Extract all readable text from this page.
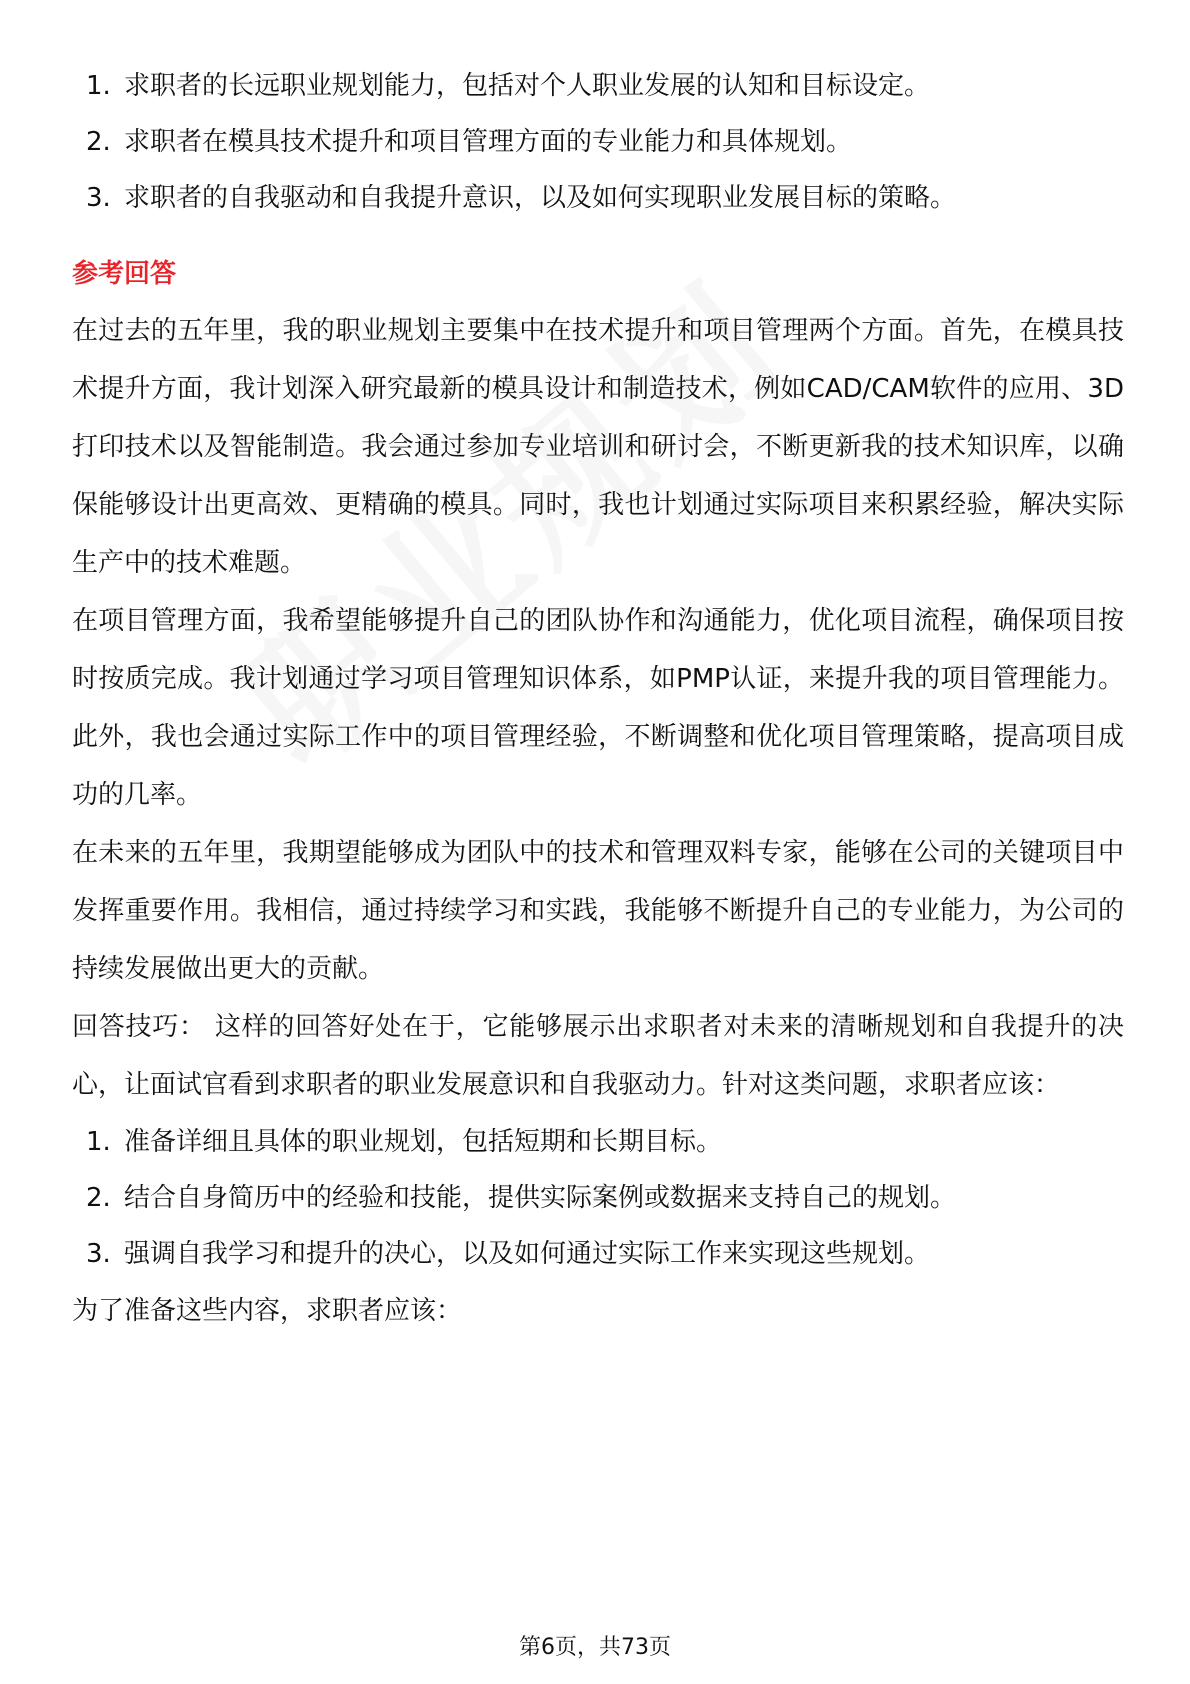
1. 求职者的长远职业规划能力，包括对个人职业发展的认知和目标设定。
2. 求职者在模具技术提升和项目管理方面的专业能力和具体规划。
3. 求职者的自我驱动和自我提升意识，以及如何实现职业发展目标的策略。
参考回答

在过去的五年里，我的职业规划主要集中在技术提升和项目管理两个方面。首先，在模具技术提升方面，我计划深入研究最新的模具设计和制造技术，例如CAD/CAM软件的应用、3D打印技术以及智能制造。我会通过参加专业培训和研讨会，不断更新我的技术知识库，以确保能够设计出更高效、更精确的模具。同时，我也计划通过实际项目来积累经验，解决实际生产中的技术难题。

在项目管理方面，我希望能够提升自己的团队协作和沟通能力，优化项目流程，确保项目按时按质完成。我计划通过学习项目管理知识体系，如PMP认证，来提升我的项目管理能力。此外，我也会通过实际工作中的项目管理经验，不断调整和优化项目管理策略，提高项目成功的几率。

在未来的五年里，我期望能够成为团队中的技术和管理双料专家，能够在公司的关键项目中发挥重要作用。我相信，通过持续学习和实践，我能够不断提升自己的专业能力，为公司的持续发展做出更大的贡献。

回答技巧： 这样的回答好处在于，它能够展示出求职者对未来的清晰规划和自我提升的决心，让面试官看到求职者的职业发展意识和自我驱动力。针对这类问题，求职者应该：

1. 准备详细且具体的职业规划，包括短期和长期目标。
2. 结合自身简历中的经验和技能，提供实际案例或数据来支持自己的规划。
3. 强调自我学习和提升的决心，以及如何通过实际工作来实现这些规划。

为了准备这些内容，求职者应该：

第6页，共73页
